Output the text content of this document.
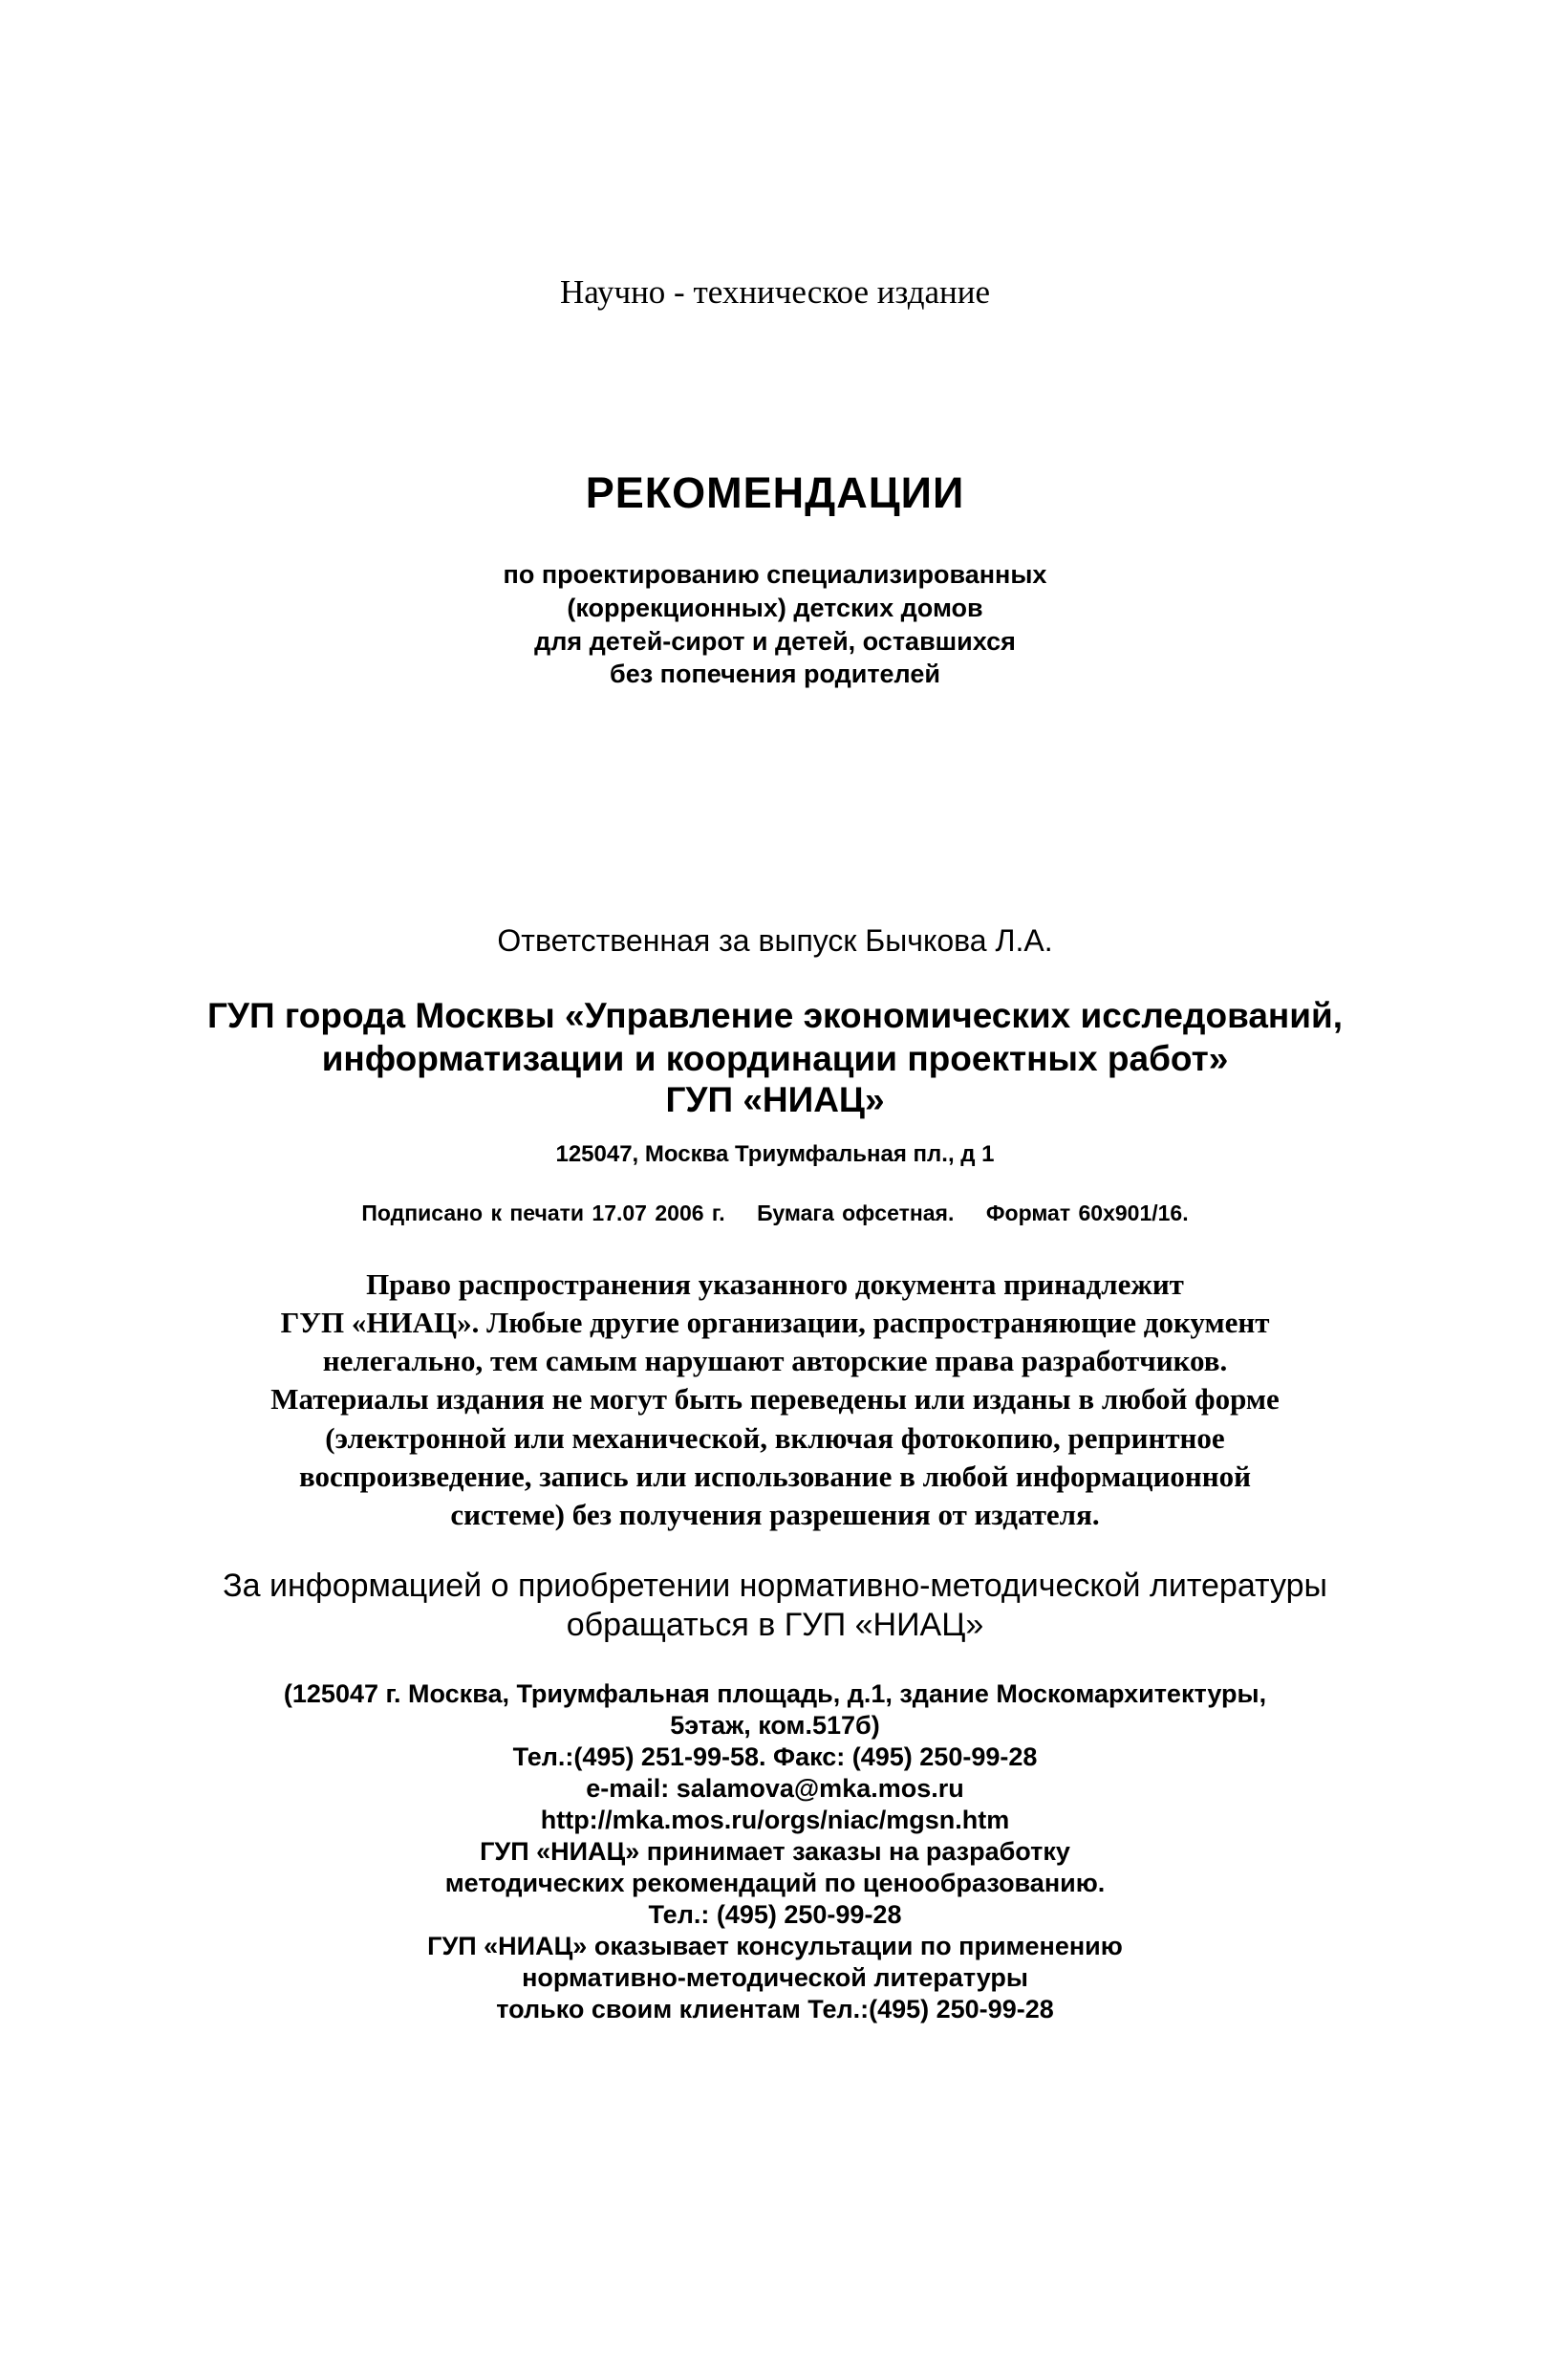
Научно - техническое издание
РЕКОМЕНДАЦИИ
по проектированию специализированных
(коррекционных) детских домов
для детей-сирот и детей, оставшихся
без попечения родителей
Ответственная за выпуск Бычкова Л.А.
ГУП города Москвы «Управление экономических исследований,
информатизации и координации проектных работ»
ГУП «НИАЦ»
125047, Москва Триумфальная пл., д 1
Подписано к печати 17.07 2006 г. Бумага офсетная. Формат 60x901/16.
Право распространения указанного документа принадлежит
ГУП «НИАЦ». Любые другие организации, распространяющие документ
нелегально, тем самым нарушают авторские права разработчиков.
Материалы издания не могут быть переведены или изданы в любой форме
(электронной или механической, включая фотокопию, репринтное
воспроизведение, запись или использование в любой информационной
системе) без получения разрешения от издателя.
За информацией о приобретении нормативно-методической литературы
обращаться в ГУП «НИАЦ»
(125047 г. Москва, Триумфальная площадь, д.1, здание Москомархитектуры,
5этаж, ком.517б)
Тел.:(495) 251-99-58. Факс: (495) 250-99-28
e-mail: salamova@mka.mos.ru
http://mka.mos.ru/orgs/niac/mgsn.htm
ГУП «НИАЦ» принимает заказы на разработку
методических рекомендаций по ценообразованию.
Тел.: (495) 250-99-28
ГУП «НИАЦ» оказывает консультации по применению
нормативно-методической литературы
только своим клиентам Тел.:(495) 250-99-28
